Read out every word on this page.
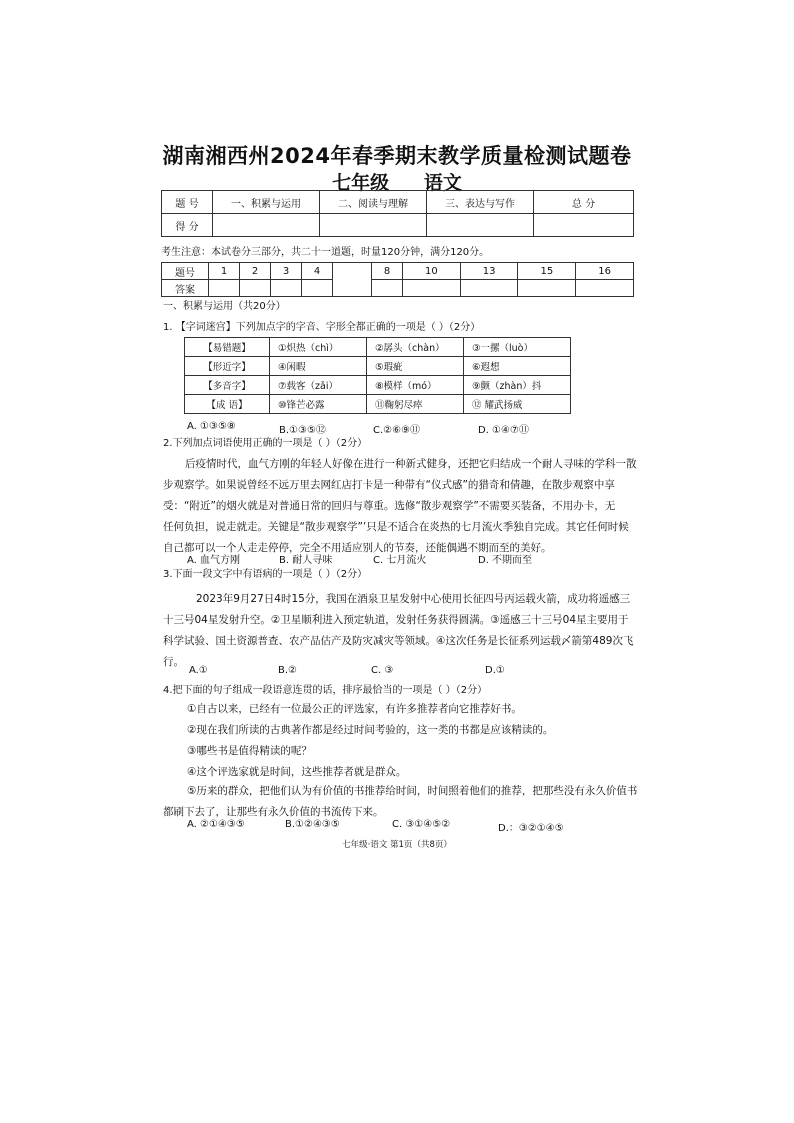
湖南湘西州2024年春季期末教学质量检测试题卷
七年级 语文
题 号	一、积累与运用	二、阅读与理解	三、表达与写作	总 分
得 分				
考生注意：本试卷分三部分，共二十一道题，时量120分钟，满分120分。
题号	1	2	3	4		8	10	13	15	16
答案										
一、积累与运用（共20分）
1. 【字词迷宫】下列加点字的字音、字形全都正确的一项是（ ）（2分）
【易错题】	①炽热（chì）	②孱头（chàn）	③一摞（luò）
【形近字】	④闲暇	⑤瑕疵	⑥遐想
【多音字】	⑦载客（zǎi）	⑧模样（mó）	⑨颤（zhàn）抖
【成 语】	⑩锋芒必露	⑪鞠躬尽瘁	⑫ 耀武扬威
A. ①③⑤⑧	B.①③⑤⑫	C.②⑥⑨⑪	D. ①④⑦⑪
2.下列加点词语使用正确的一项是（ ）（2分）
后疫情时代，血气方刚的年轻人好像在进行一种新式健身，还把它归结成一个耐人寻味的学科一散
步观察学。如果说曾经不远万里去网红店打卡是一种带有“仪式感”的猎奇和倩趣，在散步观察中享
受：“附近”的烟火就是对普通日常的回归与尊重。选修“散步观察学”不需要买装备，不用办卡，无
任何负担，说走就走。关键是“散步观察学”’只是不适合在炎热的七月流火季独自完成。其它任何时候
自己都可以一个人走走停停，完全不用适应别人的节奏，还能偶遇不期而至的美好。
A. 血气方刚	B. 耐人寻味	C. 七月流火	D. 不期而至
3.下面一段文字中有语病的一项是（ ）（2分）
2023年9月27日4时15分，我国在酒泉卫星发射中心使用长征四号丙运载火箭，成功将遥感三
十三号04星发射升空。②卫星顺利进入预定轨道，发射任务获得圆满。③遥感三十三号04星主要用于
科学试验、国土资源普查、农产品估产及防灾减灾等领域。④这次任务是长征系列运载〆箭第489次飞
行。
A.①	B.②	C. ③	D.①
4.把下面的句子组成一段语意连贯的话，排序最恰当的一项是（ ）（2分）
①自古以来，已经有一位最公正的评选家，有许多推荐者向它推荐好书。
②现在我们所读的古典著作都是经过时间考验的，这一类的书都是应该精读的。
③哪些书是值得精读的呢？
④这个评选家就是时间，这些推荐者就是群众。
⑤历来的群众，把他们认为有价值的书推荐给时间，时间照着他们的推荐，把那些没有永久价值书
都刷下去了，让那些有永久价值的书流传下来。
A. ②①④③⑤	B.①②④③⑤	C. ③①④⑤②	D.：③②①④⑤
七年级·语文 第1页（共8页）
